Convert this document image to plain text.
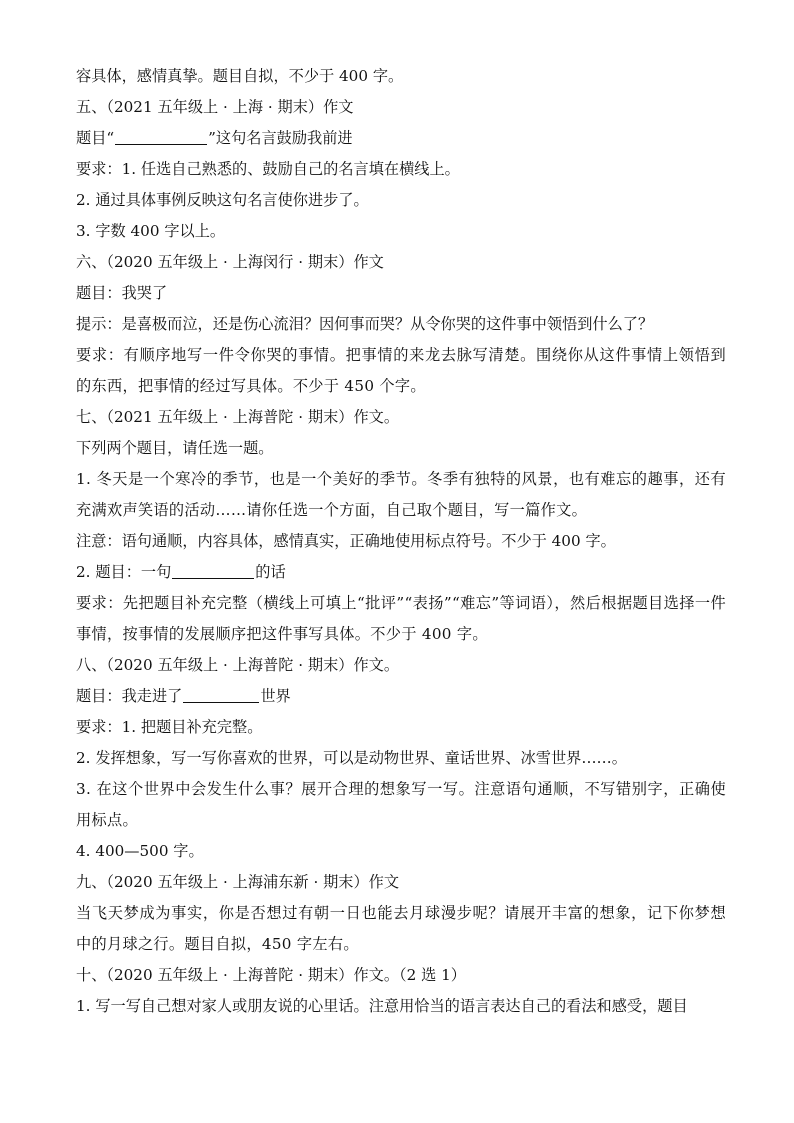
容具体，感情真挚。题目自拟，不少于 400 字。
五、（2021 五年级上 · 上海 · 期末）作文
题目“	”这句名言鼓励我前进
要求：1. 任选自己熟悉的、鼓励自己的名言填在横线上。
2. 通过具体事例反映这句名言使你进步了。
3. 字数 400 字以上。
六、（2020 五年级上 · 上海闵行 · 期末）作文
题目：我哭了
提示：是喜极而泣，还是伤心流泪？因何事而哭？从令你哭的这件事中领悟到什么了？
要求：有顺序地写一件令你哭的事情。把事情的来龙去脉写清楚。围绕你从这件事情上领悟到的东西，把事情的经过写具体。不少于 450 个字。
七、（2021 五年级上 · 上海普陀 · 期末）作文。
下列两个题目，请任选一题。
1. 冬天是一个寒冷的季节，也是一个美好的季节。冬季有独特的风景，也有难忘的趣事，还有充满欢声笑语的活动……请你任选一个方面，自己取个题目，写一篇作文。
注意：语句通顺，内容具体，感情真实，正确地使用标点符号。不少于 400 字。
2. 题目：一句	的话
要求：先把题目补充完整（横线上可填上“批评”“表扬”“难忘”等词语），然后根据题目选择一件事情，按事情的发展顺序把这件事写具体。不少于 400 字。
八、（2020 五年级上 · 上海普陀 · 期末）作文。
题目：我走进了	世界
要求：1. 把题目补充完整。
2. 发挥想象，写一写你喜欢的世界，可以是动物世界、童话世界、冰雪世界……。
3. 在这个世界中会发生什么事？展开合理的想象写一写。注意语句通顺，不写错别字，正确使用标点。
4. 400—500 字。
九、（2020 五年级上 · 上海浦东新 · 期末）作文
当飞天梦成为事实，你是否想过有朝一日也能去月球漫步呢？请展开丰富的想象，记下你梦想中的月球之行。题目自拟，450 字左右。
十、（2020 五年级上 · 上海普陀 · 期末）作文。（2 选 1）
1. 写一写自己想对家人或朋友说的心里话。注意用恰当的语言表达自己的看法和感受，题目
